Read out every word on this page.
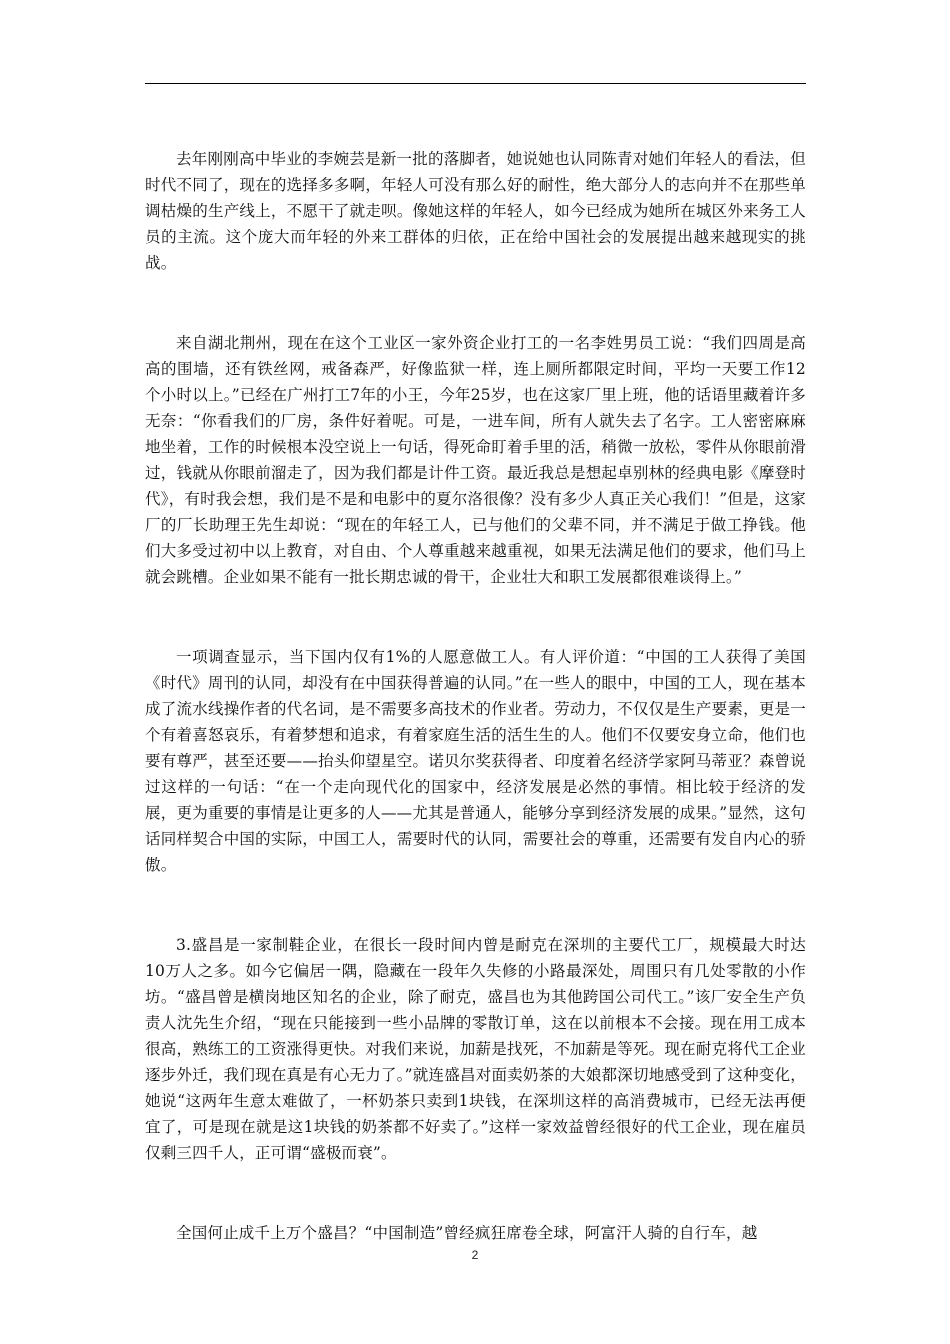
去年刚刚高中毕业的李婉芸是新一批的落脚者，她说她也认同陈青对她们年轻人的看法，但时代不同了，现在的选择多多啊，年轻人可没有那么好的耐性，绝大部分人的志向并不在那些单调枯燥的生产线上，不愿干了就走呗。像她这样的年轻人，如今已经成为她所在城区外来务工人员的主流。这个庞大而年轻的外来工群体的归依，正在给中国社会的发展提出越来越现实的挑战。

来自湖北荆州，现在在这个工业区一家外资企业打工的一名李姓男员工说：“我们四周是高高的围墙，还有铁丝网，戒备森严，好像监狱一样，连上厕所都限定时间，平均一天要工作12个小时以上。”已经在广州打工7年的小王，今年25岁，也在这家厂里上班，他的话语里藏着许多无奈：“你看我们的厂房，条件好着呢。可是，一进车间，所有人就失去了名字。工人密密麻麻地坐着，工作的时候根本没空说上一句话，得死命盯着手里的活，稍微一放松，零件从你眼前滑过，钱就从你眼前溜走了，因为我们都是计件工资。最近我总是想起卓别林的经典电影《摩登时代》，有时我会想，我们是不是和电影中的夏尔洛很像？没有多少人真正关心我们！”但是，这家厂的厂长助理王先生却说：“现在的年轻工人，已与他们的父辈不同，并不满足于做工挣钱。他们大多受过初中以上教育，对自由、个人尊重越来越重视，如果无法满足他们的要求，他们马上就会跳槽。企业如果不能有一批长期忠诚的骨干，企业壮大和职工发展都很难谈得上。”

一项调查显示，当下国内仅有1%的人愿意做工人。有人评价道：“中国的工人获得了美国《时代》周刊的认同，却没有在中国获得普遍的认同。”在一些人的眼中，中国的工人，现在基本成了流水线操作者的代名词，是不需要多高技术的作业者。劳动力，不仅仅是生产要素，更是一个有着喜怒哀乐，有着梦想和追求，有着家庭生活的活生生的人。他们不仅要安身立命，他们也要有尊严，甚至还要——抬头仰望星空。诺贝尔奖获得者、印度着名经济学家阿马蒂亚？森曾说过这样的一句话：“在一个走向现代化的国家中，经济发展是必然的事情。相比较于经济的发展，更为重要的事情是让更多的人——尤其是普通人，能够分享到经济发展的成果。”显然，这句话同样契合中国的实际，中国工人，需要时代的认同，需要社会的尊重，还需要有发自内心的骄傲。

3.盛昌是一家制鞋企业，在很长一段时间内曾是耐克在深圳的主要代工厂，规模最大时达10万人之多。如今它偏居一隅，隐藏在一段年久失修的小路最深处，周围只有几处零散的小作坊。“盛昌曾是横岗地区知名的企业，除了耐克，盛昌也为其他跨国公司代工。”该厂安全生产负责人沈先生介绍，“现在只能接到一些小品牌的零散订单，这在以前根本不会接。现在用工成本很高，熟练工的工资涨得更快。对我们来说，加薪是找死，不加薪是等死。现在耐克将代工企业逐步外迁，我们现在真是有心无力了。”就连盛昌对面卖奶茶的大娘都深切地感受到了这种变化，她说“这两年生意太难做了，一杯奶茶只卖到1块钱，在深圳这样的高消费城市，已经无法再便宜了，可是现在就是这1块钱的奶茶都不好卖了。”这样一家效益曾经很好的代工企业，现在雇员仅剩三四千人，正可谓“盛极而衰”。

全国何止成千上万个盛昌？“中国制造”曾经疯狂席卷全球，阿富汗人骑的自行车，越

2
